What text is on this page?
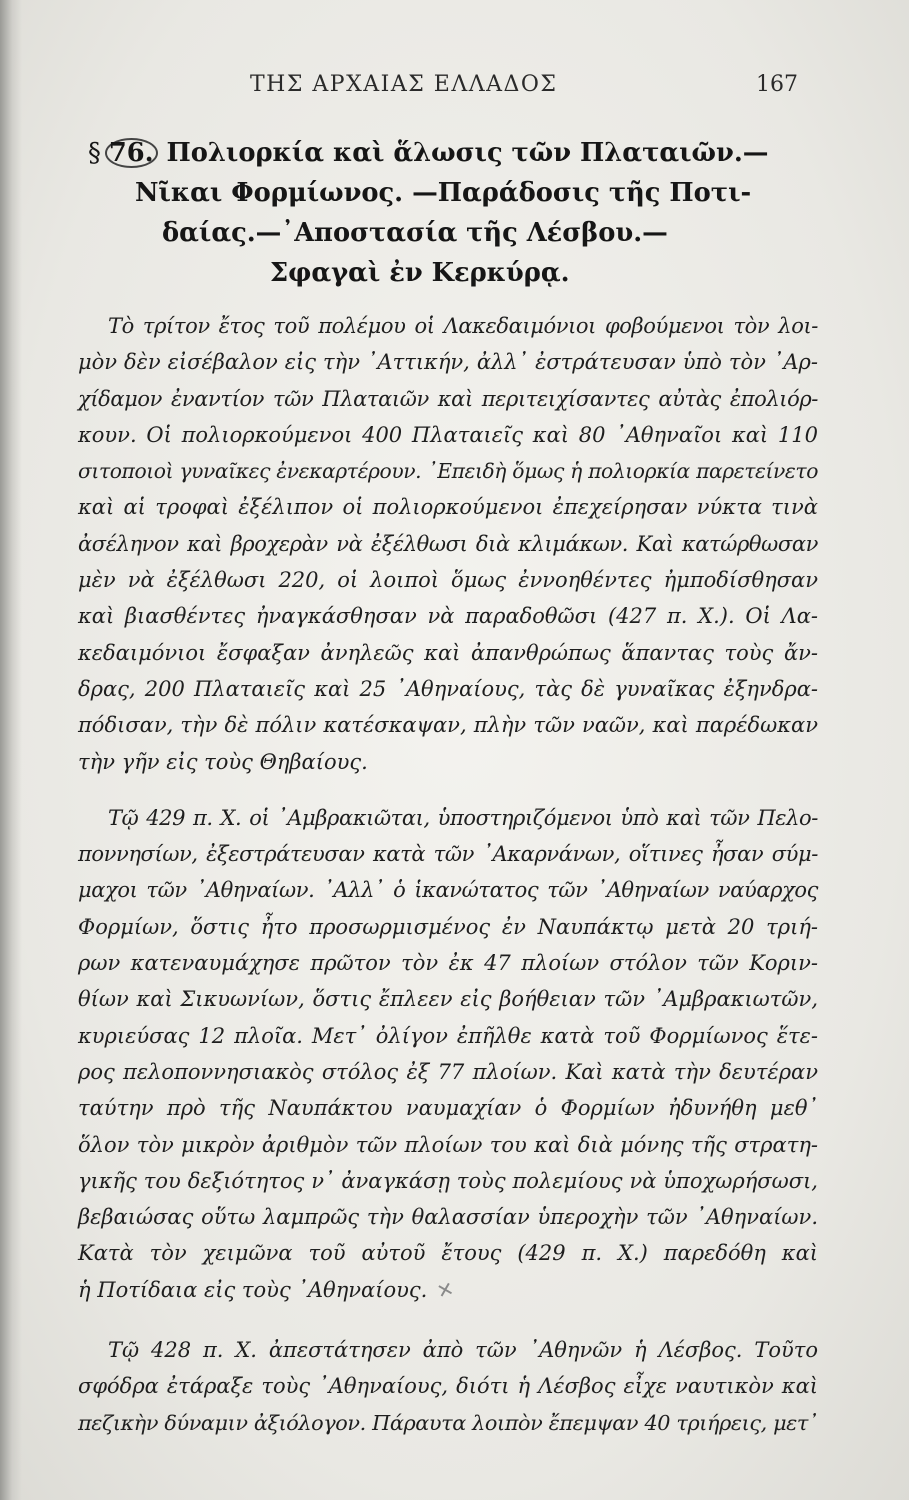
ΤΗΣ ΑΡΧΑΙΑΣ ΕΛΛΑΔΟΣ	167
§ 76. Πολιορκία καὶ ἅλωσις τῶν Πλαταιῶν.—
Νῖκαι Φορμίωνος. —Παράδοσις τῆς Ποτι-
δαίας.—᾿Αποστασία τῆς Λέσβου.—
Σφαγαὶ ἐν Κερκύρᾳ.

Τὸ τρίτον ἔτος τοῦ πολέμου οἱ Λακεδαιμόνιοι φοβούμενοι τὸν λοι-
μὸν δὲν εἰσέβαλον εἰς τὴν ᾿Αττικήν, ἀλλ᾿ ἐστράτευσαν ὑπὸ τὸν ᾿Αρ-
χίδαμον ἐναντίον τῶν Πλαταιῶν καὶ περιτειχίσαντες αὐτὰς ἐπολιόρ-
κουν. Οἱ πολιορκούμενοι 400 Πλαταιεῖς καὶ 80 ᾿Αθηναῖοι καὶ 110
σιτοποιοὶ γυναῖκες ἐνεκαρτέρουν. ᾿Επειδὴ ὅμως ἡ πολιορκία παρετείνετο
καὶ αἱ τροφαὶ ἐξέλιπον οἱ πολιορκούμενοι ἐπεχείρησαν νύκτα τινὰ
ἀσέληνον καὶ βροχερὰν νὰ ἐξέλθωσι διὰ κλιμάκων. Καὶ κατώρθωσαν
μὲν νὰ ἐξέλθωσι 220, οἱ λοιποὶ ὅμως ἐννοηθέντες ἠμποδίσθησαν
καὶ βιασθέντες ἠναγκάσθησαν νὰ παραδοθῶσι (427 π. Χ.). Οἱ Λα-
κεδαιμόνιοι ἔσφαξαν ἀνηλεῶς καὶ ἀπανθρώπως ἅπαντας τοὺς ἄν-
δρας, 200 Πλαταιεῖς καὶ 25 ᾿Αθηναίους, τὰς δὲ γυναῖκας ἐξηνδρα-
πόδισαν, τὴν δὲ πόλιν κατέσκαψαν, πλὴν τῶν ναῶν, καὶ παρέδωκαν
τὴν γῆν εἰς τοὺς Θηβαίους.

Τῷ 429 π. Χ. οἱ ᾿Αμβρακιῶται, ὑποστηριζόμενοι ὑπὸ καὶ τῶν Πελο-
ποννησίων, ἐξεστράτευσαν κατὰ τῶν ᾿Ακαρνάνων, οἵτινες ἦσαν σύμ-
μαχοι τῶν ᾿Αθηναίων. ᾿Αλλ᾿ ὁ ἱκανώτατος τῶν ᾿Αθηναίων ναύαρχος
Φορμίων, ὅστις ἦτο προσωρμισμένος ἐν Ναυπάκτῳ μετὰ 20 τριή-
ρων κατεναυμάχησε πρῶτον τὸν ἐκ 47 πλοίων στόλον τῶν Κοριν-
θίων καὶ Σικυωνίων, ὅστις ἔπλεεν εἰς βοήθειαν τῶν ᾿Αμβρακιωτῶν,
κυριεύσας 12 πλοῖα. Μετ᾿ ὀλίγον ἐπῆλθε κατὰ τοῦ Φορμίωνος ἕτε-
ρος πελοποννησιακὸς στόλος ἐξ 77 πλοίων. Καὶ κατὰ τὴν δευτέραν
ταύτην πρὸ τῆς Ναυπάκτου ναυμαχίαν ὁ Φορμίων ἠδυνήθη μεθ᾿
ὅλον τὸν μικρὸν ἀριθμὸν τῶν πλοίων του καὶ διὰ μόνης τῆς στρατη-
γικῆς του δεξιότητος ν᾿ ἀναγκάσῃ τοὺς πολεμίους νὰ ὑποχωρήσωσι,
βεβαιώσας οὕτω λαμπρῶς τὴν θαλασσίαν ὑπεροχὴν τῶν ᾿Αθηναίων.
Κατὰ τὸν χειμῶνα τοῦ αὐτοῦ ἔτους (429 π. Χ.) παρεδόθη καὶ
ἡ Ποτίδαια εἰς τοὺς ᾿Αθηναίους. ✕

Τῷ 428 π. Χ. ἀπεστάτησεν ἀπὸ τῶν ᾿Αθηνῶν ἡ Λέσβος. Τοῦτο
σφόδρα ἐτάραξε τοὺς ᾿Αθηναίους, διότι ἡ Λέσβος εἶχε ναυτικὸν καὶ
πεζικὴν δύναμιν ἀξιόλογον. Πάραυτα λοιπὸν ἔπεμψαν 40 τριήρεις, μετ᾿
